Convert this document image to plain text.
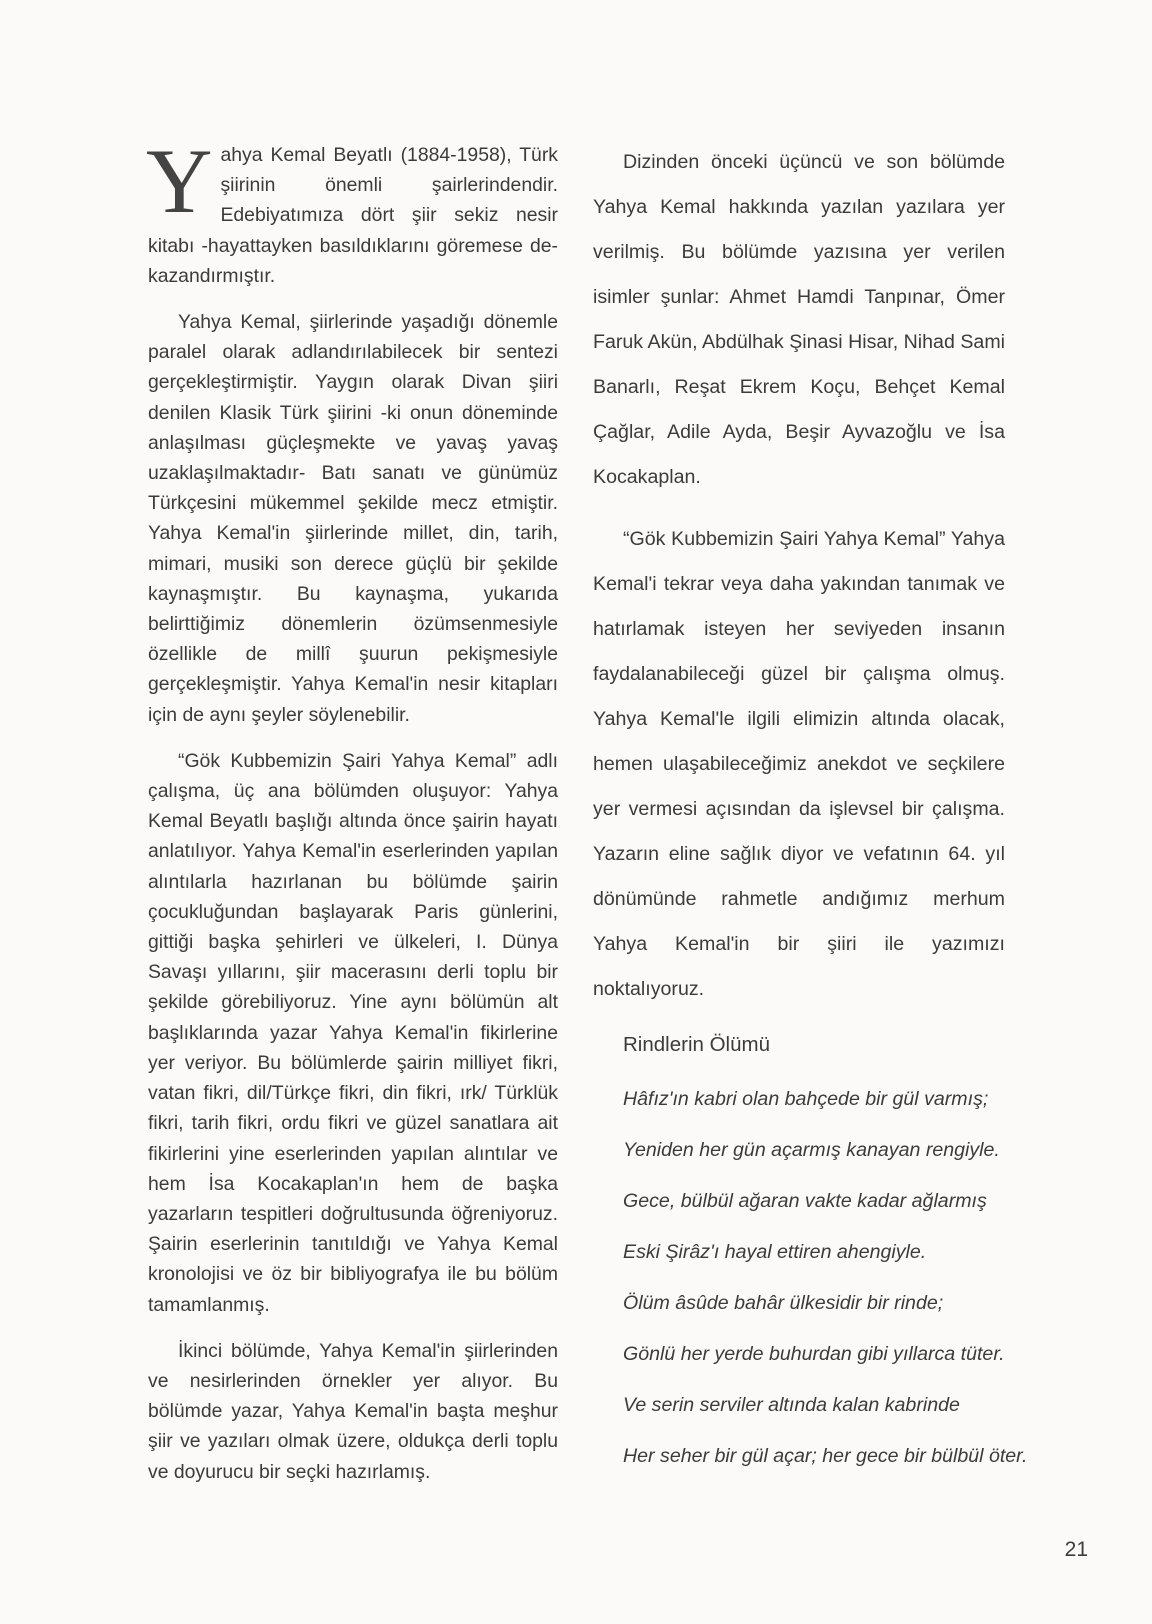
Yahya Kemal Beyatlı (1884-1958), Türk şiirinin önemli şairlerindendir. Edebiyatımıza dört şiir sekiz nesir kitabı -hayattayken basıldıklarını göremese de- kazandırmıştır.

Yahya Kemal, şiirlerinde yaşadığı dönemle paralel olarak adlandırılabilecek bir sentezi gerçekleştirmiştir. Yaygın olarak Divan şiiri denilen Klasik Türk şiirini -ki onun döneminde anlaşılması güçleşmekte ve yavaş yavaş uzaklaşılmaktadır- Batı sanatı ve günümüz Türkçesini mükemmel şekilde mecz etmiştir. Yahya Kemal'in şiirlerinde millet, din, tarih, mimari, musiki son derece güçlü bir şekilde kaynaşmıştır. Bu kaynaşma, yukarıda belirttiğimiz dönemlerin özümsenmesiyle özellikle de millî şuurun pekişmesiyle gerçekleşmiştir. Yahya Kemal'in nesir kitapları için de aynı şeyler söylenebilir.

“Gök Kubbemizin Şairi Yahya Kemal” adlı çalışma, üç ana bölümden oluşuyor: Yahya Kemal Beyatlı başlığı altında önce şairin hayatı anlatılıyor. Yahya Kemal'in eserlerinden yapılan alıntılarla hazırlanan bu bölümde şairin çocukluğundan başlayarak Paris günlerini, gittiği başka şehirleri ve ülkeleri, I. Dünya Savaşı yıllarını, şiir macerasını derli toplu bir şekilde görebiliyoruz. Yine aynı bölümün alt başlıklarında yazar Yahya Kemal'in fikirlerine yer veriyor. Bu bölümlerde şairin milliyet fikri, vatan fikri, dil/Türkçe fikri, din fikri, ırk/ Türklük fikri, tarih fikri, ordu fikri ve güzel sanatlara ait fikirlerini yine eserlerinden yapılan alıntılar ve hem İsa Kocakaplan'ın hem de başka yazarların tespitleri doğrultusunda öğreniyoruz. Şairin eserlerinin tanıtıldığı ve Yahya Kemal kronolojisi ve öz bir bibliyografya ile bu bölüm tamamlanmış.

İkinci bölümde, Yahya Kemal'in şiirlerinden ve nesirlerinden örnekler yer alıyor. Bu bölümde yazar, Yahya Kemal'in başta meşhur şiir ve yazıları olmak üzere, oldukça derli toplu ve doyurucu bir seçki hazırlamış.

Dizinden önceki üçüncü ve son bölümde Yahya Kemal hakkında yazılan yazılara yer verilmiş. Bu bölümde yazısına yer verilen isimler şunlar: Ahmet Hamdi Tanpınar, Ömer Faruk Akün, Abdülhak Şinasi Hisar, Nihad Sami Banarlı, Reşat Ekrem Koçu, Behçet Kemal Çağlar, Adile Ayda, Beşir Ayvazoğlu ve İsa Kocakaplan.

“Gök Kubbemizin Şairi Yahya Kemal” Yahya Kemal'i tekrar veya daha yakından tanımak ve hatırlamak isteyen her seviyeden insanın faydalanabileceği güzel bir çalışma olmuş. Yahya Kemal'le ilgili elimizin altında olacak, hemen ulaşabileceğimiz anekdot ve seçkilere yer vermesi açısından da işlevsel bir çalışma. Yazarın eline sağlık diyor ve vefatının 64. yıl dönümünde rahmetle andığımız merhum Yahya Kemal'in bir şiiri ile yazımızı noktalıyoruz.

Rindlerin Ölümü
Hâfız'ın kabri olan bahçede bir gül varmış;
Yeniden her gün açarmış kanayan rengiyle.
Gece, bülbül ağaran vakte kadar ağlarmış
Eski Şirâz'ı hayal ettiren ahengiyle.
Ölüm âsûde bahâr ülkesidir bir rinde;
Gönlü her yerde buhurdan gibi yıllarca tüter.
Ve serin serviler altında kalan kabrinde
Her seher bir gül açar; her gece bir bülbül öter.
21
